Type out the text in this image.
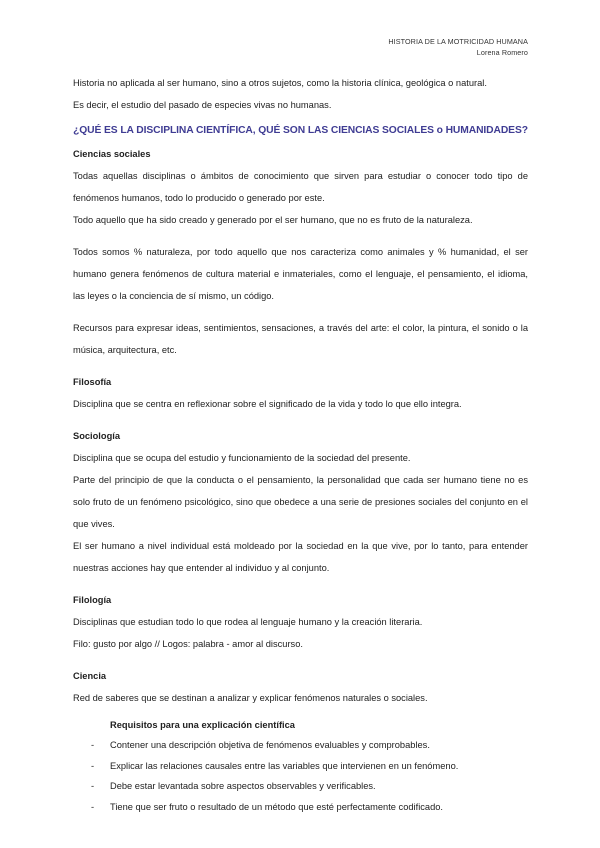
HISTORIA DE LA MOTRICIDAD HUMANA
Lorena Romero

Historia no aplicada al ser humano, sino a otros sujetos, como la historia clínica, geológica o natural.

Es decir, el estudio del pasado de especies vivas no humanas.

¿QUÉ ES LA DISCIPLINA CIENTÍFICA, QUÉ SON LAS CIENCIAS SOCIALES o HUMANIDADES?
Ciencias sociales

Todas aquellas disciplinas o ámbitos de conocimiento que sirven para estudiar o conocer todo tipo de fenómenos humanos, todo lo producido o generado por este.

Todo aquello que ha sido creado y generado por el ser humano, que no es fruto de la naturaleza.

Todos somos % naturaleza, por todo aquello que nos caracteriza como animales y % humanidad, el ser humano genera fenómenos de cultura material e inmateriales, como el lenguaje, el pensamiento, el idioma, las leyes o la conciencia de sí mismo, un código.

Recursos para expresar ideas, sentimientos, sensaciones, a través del arte: el color, la pintura, el sonido o la música, arquitectura, etc.

Filosofía

Disciplina que se centra en reflexionar sobre el significado de la vida y todo lo que ello integra.

Sociología

Disciplina que se ocupa del estudio y funcionamiento de la sociedad del presente.

Parte del principio de que la conducta o el pensamiento, la personalidad que cada ser humano tiene no es solo fruto de un fenómeno psicológico, sino que obedece a una serie de presiones sociales del conjunto en el que vives.

El ser humano a nivel individual está moldeado por la sociedad en la que vive, por lo tanto, para entender nuestras acciones hay que entender al individuo y al conjunto.

Filología

Disciplinas que estudian todo lo que rodea al lenguaje humano y la creación literaria.

Filo: gusto por algo // Logos: palabra - amor al discurso.

Ciencia

Red de saberes que se destinan a analizar y explicar fenómenos naturales o sociales.

Requisitos para una explicación científica
- Contener una descripción objetiva de fenómenos evaluables y comprobables.
- Explicar las relaciones causales entre las variables que intervienen en un fenómeno.
- Debe estar levantada sobre aspectos observables y verificables.
- Tiene que ser fruto o resultado de un método que esté perfectamente codificado.
